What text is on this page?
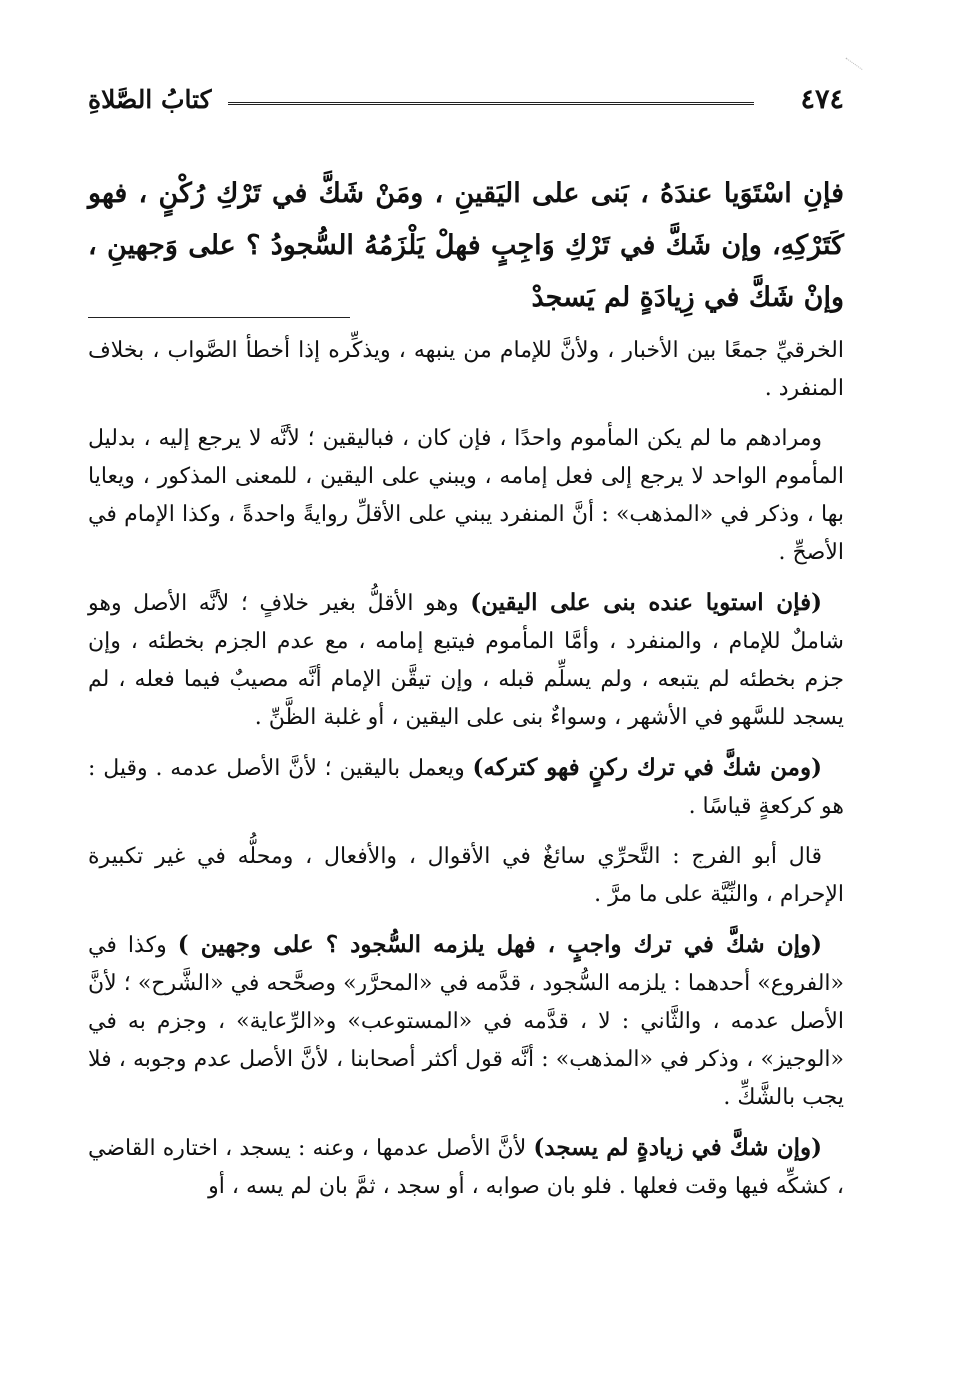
٤٧٤
كتابُ الصَّلاةِ
فإنِ اسْتَوَيا عندَهُ ، بَنى على اليَقينِ ، ومَنْ شَكَّ في تَرْكِ رُكْنٍ ، فهو كَتَرْكِهِ، وإن شَكَّ في تَرْكِ وَاجِبٍ فهلْ يَلْزَمُهُ السُّجودُ ؟ على وَجهينِ ، وإنْ شَكَّ في زِيادَةٍ لم يَسجدْ

الخرقيِّ جمعًا بين الأخبار ، ولأنَّ للإمام من ينبهه ، ويذكِّره إذا أخطأ الصَّواب ، بخلاف المنفرد .

ومرادهم ما لم يكن المأموم واحدًا ، فإن كان ، فباليقين ؛ لأنَّه لا يرجع إليه ، بدليل المأموم الواحد لا يرجع إلى فعل إمامه ، ويبني على اليقين ، للمعنى المذكور ، ويعايا بها ، وذكر في «المذهب» : أنَّ المنفرد يبني على الأقلِّ روايةً واحدةً ، وكذا الإمام في الأصحِّ .

(فإن استويا عنده بنى على اليقين) وهو الأقلُّ بغير خلافٍ ؛ لأنَّه الأصل وهو شاملٌ للإمام ، والمنفرد ، وأمَّا المأموم فيتبع إمامه ، مع عدم الجزم بخطئه ، وإن جزم بخطئه لم يتبعه ، ولم يسلِّم قبله ، وإن تيقَّن الإمام أنَّه مصيبٌ فيما فعله ، لم يسجد للسَّهو في الأشهر ، وسواءٌ بنى على اليقين ، أو غلبة الظَّنِّ .

(ومن شكَّ في ترك ركنٍ فهو كتركه) ويعمل باليقين ؛ لأنَّ الأصل عدمه . وقيل : هو كركعةٍ قياسًا .

قال أبو الفرج : التَّحرِّي سائغٌ في الأقوال ، والأفعال ، ومحلُّه في غير تكبيرة الإحرام ، والنِّيَّة على ما مرَّ .

(وإن شكَّ في ترك واجبٍ ، فهل يلزمه السُّجود ؟ على وجهين ) وكذا في «الفروع» أحدهما : يلزمه السُّجود ، قدَّمه في «المحرَّر» وصحَّحه في «الشَّرح» ؛ لأنَّ الأصل عدمه ، والثَّاني : لا ، قدَّمه في «المستوعب» و«الرِّعاية» ، وجزم به في «الوجيز» ، وذكر في «المذهب» : أنَّه قول أكثر أصحابنا ، لأنَّ الأصل عدم وجوبه ، فلا يجب بالشَّكِّ .

(وإن شكَّ في زيادةٍ لم يسجد) لأنَّ الأصل عدمها ، وعنه : يسجد ، اختاره القاضي ، كشكِّه فيها وقت فعلها . فلو بان صوابه ، أو سجد ، ثمَّ بان لم يسه ، أو
